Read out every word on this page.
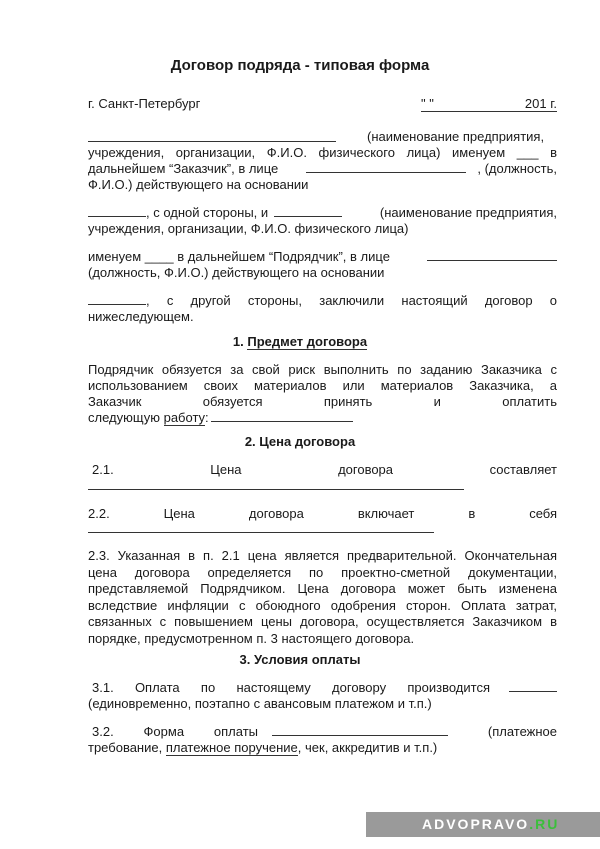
Договор подряда - типовая форма
г. Санкт-Петербург	" "	201 г.
(наименование предприятия,
учреждения, организации, Ф.И.О. физического лица) именуем ___ в
дальнейшем “Заказчик”, в лице	, (должность,
Ф.И.О.) действующего на основании
, с одной стороны, и	(наименование предприятия,
учреждения, организации, Ф.И.О. физического лица)
именуем ____ в дальнейшем “Подрядчик”, в лице
(должность, Ф.И.О.) действующего на основании
, с другой стороны, заключили настоящий договор о
нижеследующем.
1. Предмет договора
Подрядчик обязуется за свой риск выполнить по заданию Заказчика с
использованием своих материалов или материалов Заказчика, а
Заказчик обязуется принять и оплатить
следующую работу:
2. Цена договора
2.1. Цена договора составляет
2.2. Цена договора включает в себя
2.3. Указанная в п. 2.1 цена является предварительной. Окончательная
цена договора определяется по проектно-сметной документации,
представляемой Подрядчиком. Цена договора может быть изменена
вследствие инфляции с обоюдного одобрения сторон. Оплата затрат,
связанных с повышением цены договора, осуществляется Заказчиком в
порядке, предусмотренном п. 3 настоящего договора.
3. Условия оплаты
3.1. Оплата по настоящему договору производится
(единовременно, поэтапно с авансовым платежом и т.п.)
3.2. Форма оплаты	(платежное
требование, платежное поручение, чек, аккредитив и т.п.)
ADVOPRAVO.RU
